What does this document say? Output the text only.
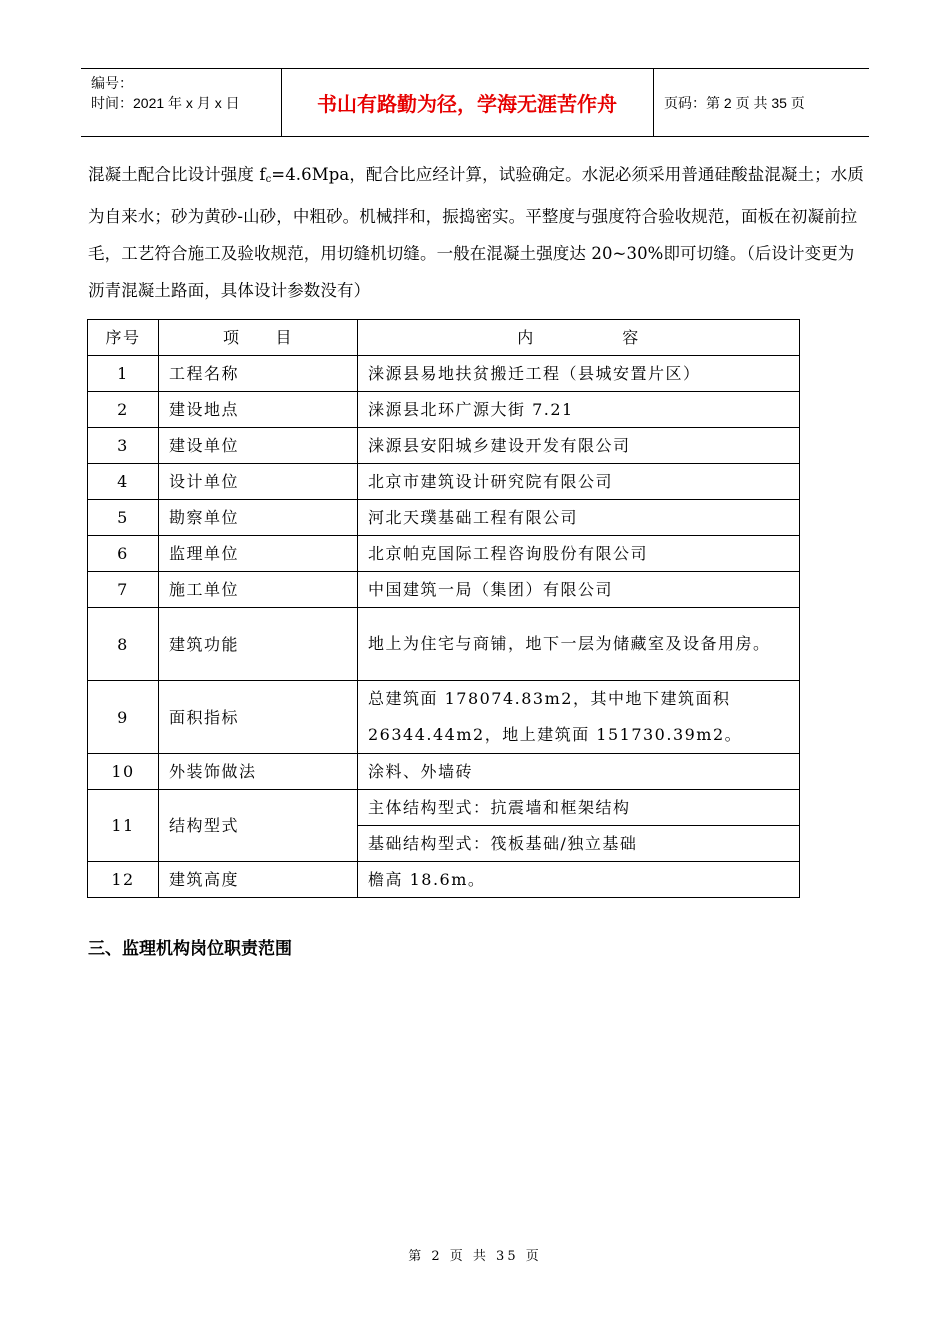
编号：
时间：2021 年 x 月 x 日	书山有路勤为径，学海无涯苦作舟	页码：第 2 页 共 35 页
混凝土配合比设计强度 $f_c=4.6Mpa$，配合比应经计算，试验确定。水泥必须采用普通硅酸盐混凝土；水质为自来水；砂为黄砂-山砂，中粗砂。机械拌和，振捣密实。平整度与强度符合验收规范，面板在初凝前拉毛，工艺符合施工及验收规范，用切缝机切缝。一般在混凝土强度达 20~30%即可切缝。（后设计变更为沥青混凝土路面，具体设计参数没有）
序号	项　　目	内　　　　　容
1	工程名称	涞源县易地扶贫搬迁工程（县城安置片区）
2	建设地点	涞源县北环广源大街 7.21
3	建设单位	涞源县安阳城乡建设开发有限公司
4	设计单位	北京市建筑设计研究院有限公司
5	勘察单位	河北天璞基础工程有限公司
6	监理单位	北京帕克国际工程咨询股份有限公司
7	施工单位	中国建筑一局（集团）有限公司
8	建筑功能	地上为住宅与商铺，地下一层为储藏室及设备用房。
9	面积指标	总建筑面 178074.83m2，其中地下建筑面积 26344.44m2，地上建筑面 151730.39m2。
10	外装饰做法	涂料、外墙砖
11	结构型式	主体结构型式：抗震墙和框架结构
		基础结构型式：筏板基础/独立基础
12	建筑高度	檐高 18.6m。
三、监理机构岗位职责范围
第 2 页 共 35 页
